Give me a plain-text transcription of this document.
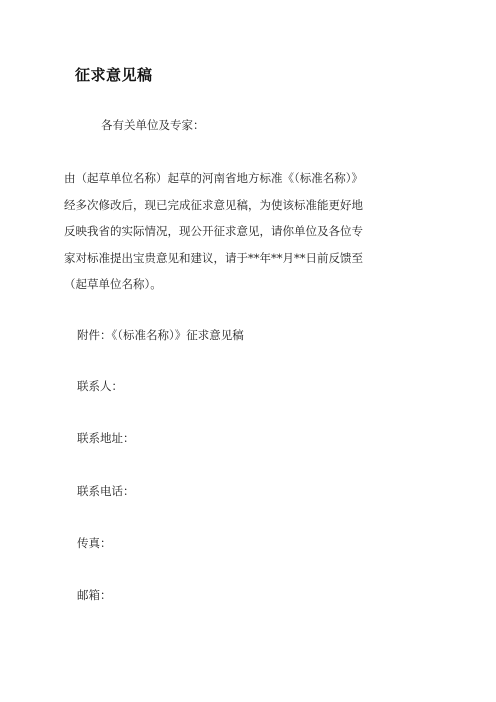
征求意见稿
各有关单位及专家：

由（起草单位名称）起草的河南省地方标准《（标准名称）》

经多次修改后，现已完成征求意见稿，为使该标准能更好地

反映我省的实际情况，现公开征求意见，请你单位及各位专

家对标准提出宝贵意见和建议，请于**年**月**日前反馈至

（起草单位名称）。

附件：《（标准名称）》征求意见稿
联系人：
联系地址：
联系电话：
传真：
邮箱：
